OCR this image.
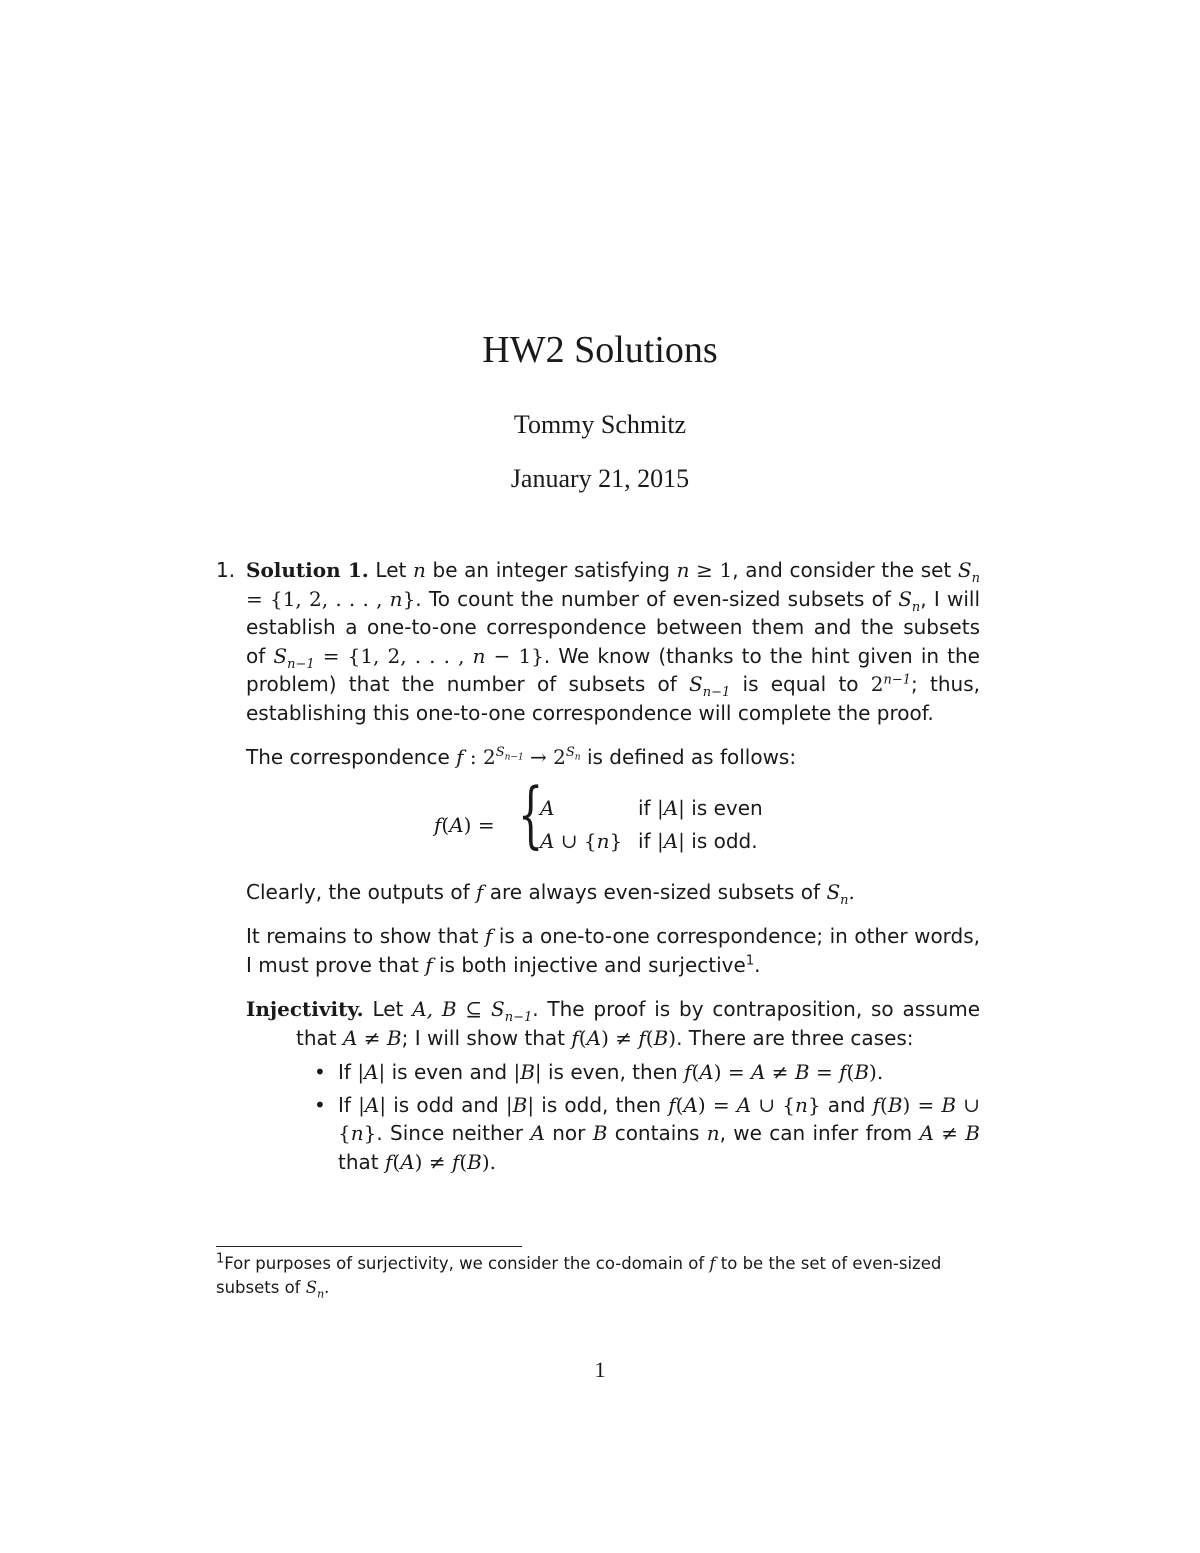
HW2 Solutions
Tommy Schmitz
January 21, 2015
1. Solution 1. Let n be an integer satisfying n ≥ 1, and consider the set $S_n = \{1$, 2, . . . , n}. To count the number of even-sized subsets of $S_n$, I will establish a one-to-one correspondence between them and the subsets of $S_{n-1} = \{1$, 2, . . . , n − 1}. We know (thanks to the hint given in the problem) that the number of subsets of $S_{n-1}$ is equal to $2^{n-1}$; thus, establishing this one-to-one correspondence will complete the proof.

The correspondence f : $2^{S_{n-1}} \to 2^{S_n}$ is defined as follows:

f(A) = {
A	if |A| is even
A ∪ {n} if |A| is odd.

Clearly, the outputs of f are always even-sized subsets of $S_n$.

It remains to show that f is a one-to-one correspondence; in other words, I must prove that f is both injective and surjective$^1$.

Injectivity. Let A, B ⊆ $S_{n-1}$. The proof is by contraposition, so assume that A ≠ B; I will show that f(A) ≠ f(B). There are three cases:
• If |A| is even and |B| is even, then f(A) = A ≠ B = f(B).
• If |A| is odd and |B| is odd, then f(A) = A ∪ {n} and f(B) = B ∪ {n}. Since neither A nor B contains n, we can infer from A ≠ B that f(A) ≠ f(B).
$^1$For purposes of surjectivity, we consider the co-domain of f to be the set of even-sized subsets of $S_n$.
1
